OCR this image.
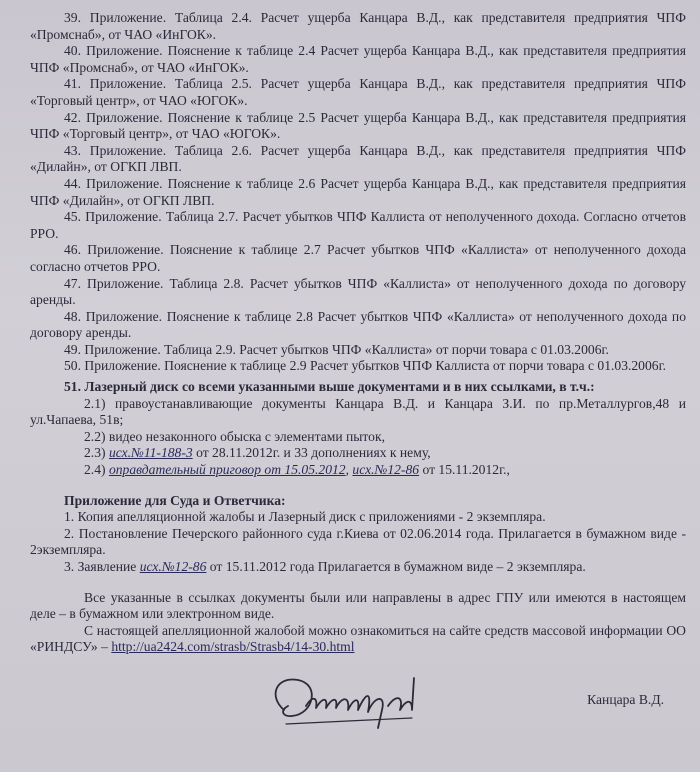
39. Приложение. Таблица 2.4. Расчет ущерба Канцара В.Д., как представителя предприятия ЧПФ «Промснаб», от ЧАО «ИнГОК».

40. Приложение. Пояснение к таблице 2.4 Расчет ущерба Канцара В.Д., как представителя предприятия ЧПФ «Промснаб», от ЧАО «ИнГОК».

41. Приложение. Таблица 2.5. Расчет ущерба Канцара В.Д., как представителя предприятия ЧПФ «Торговый центр», от ЧАО «ЮГОК».

42. Приложение. Пояснение к таблице 2.5 Расчет ущерба Канцара В.Д., как представителя предприятия ЧПФ «Торговый центр», от ЧАО «ЮГОК».

43. Приложение. Таблица 2.6. Расчет ущерба Канцара В.Д., как представителя предприятия ЧПФ «Дилайн», от ОГКП ЛВП.

44. Приложение. Пояснение к таблице 2.6 Расчет ущерба Канцара В.Д., как представителя предприятия ЧПФ «Дилайн», от ОГКП ЛВП.

45. Приложение. Таблица 2.7. Расчет убытков ЧПФ Каллиста от неполученного дохода. Согласно отчетов РРО.

46. Приложение. Пояснение к таблице 2.7 Расчет убытков ЧПФ «Каллиста» от неполученного дохода согласно отчетов РРО.

47. Приложение. Таблица 2.8. Расчет убытков ЧПФ «Каллиста» от неполученного дохода по договору аренды.

48. Приложение. Пояснение к таблице 2.8 Расчет убытков ЧПФ «Каллиста» от неполученного дохода по договору аренды.

49. Приложение. Таблица 2.9. Расчет убытков ЧПФ «Каллиста» от порчи товара с 01.03.2006г.

50. Приложение. Пояснение к таблице 2.9 Расчет убытков ЧПФ Каллиста от порчи товара с 01.03.2006г.

51. Лазерный диск со всеми указанными выше документами и в них ссылками, в т.ч.:

2.1) правоустанавливающие документы Канцара В.Д. и Канцара З.И. по пр.Металлургов,48 и ул.Чапаева, 51в;

2.2) видео незаконного обыска с элементами пыток,

2.3) исх.№11-188-3 от 28.11.2012г. и 33 дополнениях к нему,

2.4) оправдательный приговор от 15.05.2012, исх.№12-86 от 15.11.2012г.,

Приложение для Суда и Ответчика:

1. Копия апелляционной жалобы и Лазерный диск с приложениями - 2 экземпляра.

2. Постановление Печерского районного суда г.Киева от 02.06.2014 года. Прилагается в бумажном виде - 2экземпляра.

3. Заявление исх.№12-86 от 15.11.2012 года Прилагается в бумажном виде – 2 экземпляра.

Все указанные в ссылках документы были или направлены в адрес ГПУ или имеются в настоящем деле – в бумажном или электронном виде.

С настоящей апелляционной жалобой можно ознакомиться на сайте средств массовой информации ОО «РИНДСУ» – http://ua2424.com/strasb/Strasb4/14-30.html

Канцара В.Д.
